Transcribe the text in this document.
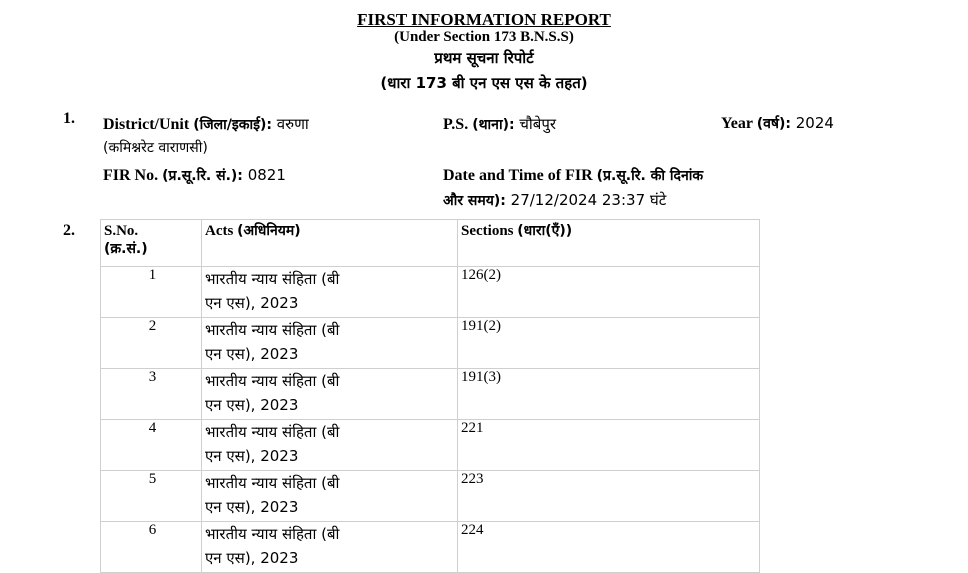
FIRST INFORMATION REPORT
(Under Section 173 B.N.S.S)
प्रथम सूचना रिपोर्ट
(धारा 173 बी एन एस एस के तहत)
1. District/Unit (जिला/इकाई): वरुणा
(कमिश्नरेट वाराणसी)
P.S. (थाना): चौबेपुर	Year (वर्ष): 2024
FIR No. (प्र.सू.रि. सं.): 0821	Date and Time of FIR (प्र.सू.रि. की दिनांक
और समय): 27/12/2024 23:37 घंटे
2. S.No.
(क्र.सं.)	Acts (अधिनियम)	Sections (धारा(एँ))
1	भारतीय न्याय संहिता (बी
एन एस), 2023	126(2)
2	भारतीय न्याय संहिता (बी
एन एस), 2023	191(2)
3	भारतीय न्याय संहिता (बी
एन एस), 2023	191(3)
4	भारतीय न्याय संहिता (बी
एन एस), 2023	221
5	भारतीय न्याय संहिता (बी
एन एस), 2023	223
6	भारतीय न्याय संहिता (बी
एन एस), 2023	224
